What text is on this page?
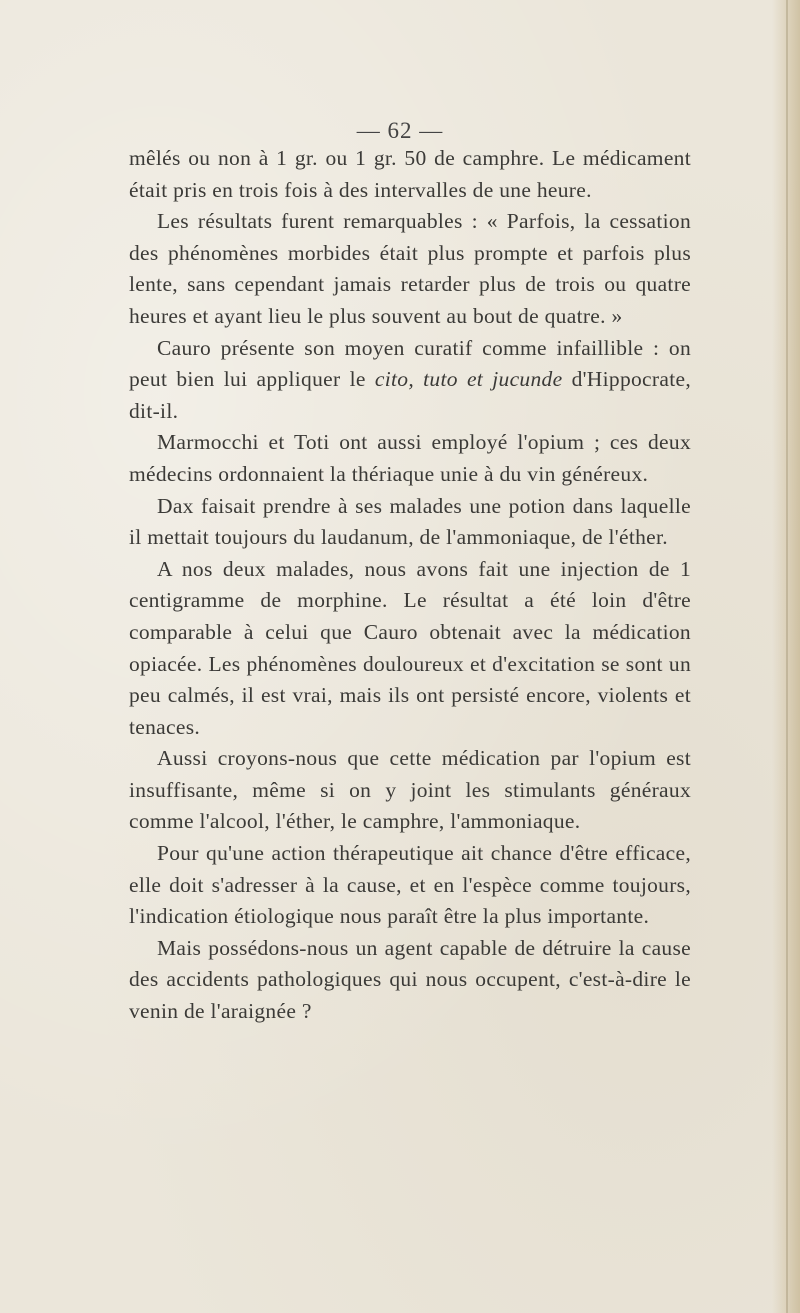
— 62 —

mêlés ou non à 1 gr. ou 1 gr. 50 de camphre. Le médicament était pris en trois fois à des intervalles de une heure.

Les résultats furent remarquables : « Parfois, la cessation des phénomènes morbides était plus prompte et parfois plus lente, sans cependant jamais retarder plus de trois ou quatre heures et ayant lieu le plus souvent au bout de quatre. »

Cauro présente son moyen curatif comme infaillible : on peut bien lui appliquer le cito, tuto et jucunde d'Hippocrate, dit-il.

Marmocchi et Toti ont aussi employé l'opium ; ces deux médecins ordonnaient la thériaque unie à du vin généreux.

Dax faisait prendre à ses malades une potion dans laquelle il mettait toujours du laudanum, de l'ammoniaque, de l'éther.

A nos deux malades, nous avons fait une injection de 1 centigramme de morphine. Le résultat a été loin d'être comparable à celui que Cauro obtenait avec la médication opiacée. Les phénomènes douloureux et d'excitation se sont un peu calmés, il est vrai, mais ils ont persisté encore, violents et tenaces.

Aussi croyons-nous que cette médication par l'opium est insuffisante, même si on y joint les stimulants généraux comme l'alcool, l'éther, le camphre, l'ammoniaque.

Pour qu'une action thérapeutique ait chance d'être efficace, elle doit s'adresser à la cause, et en l'espèce comme toujours, l'indication étiologique nous paraît être la plus importante.

Mais possédons-nous un agent capable de détruire la cause des accidents pathologiques qui nous occupent, c'est-à-dire le venin de l'araignée ?
